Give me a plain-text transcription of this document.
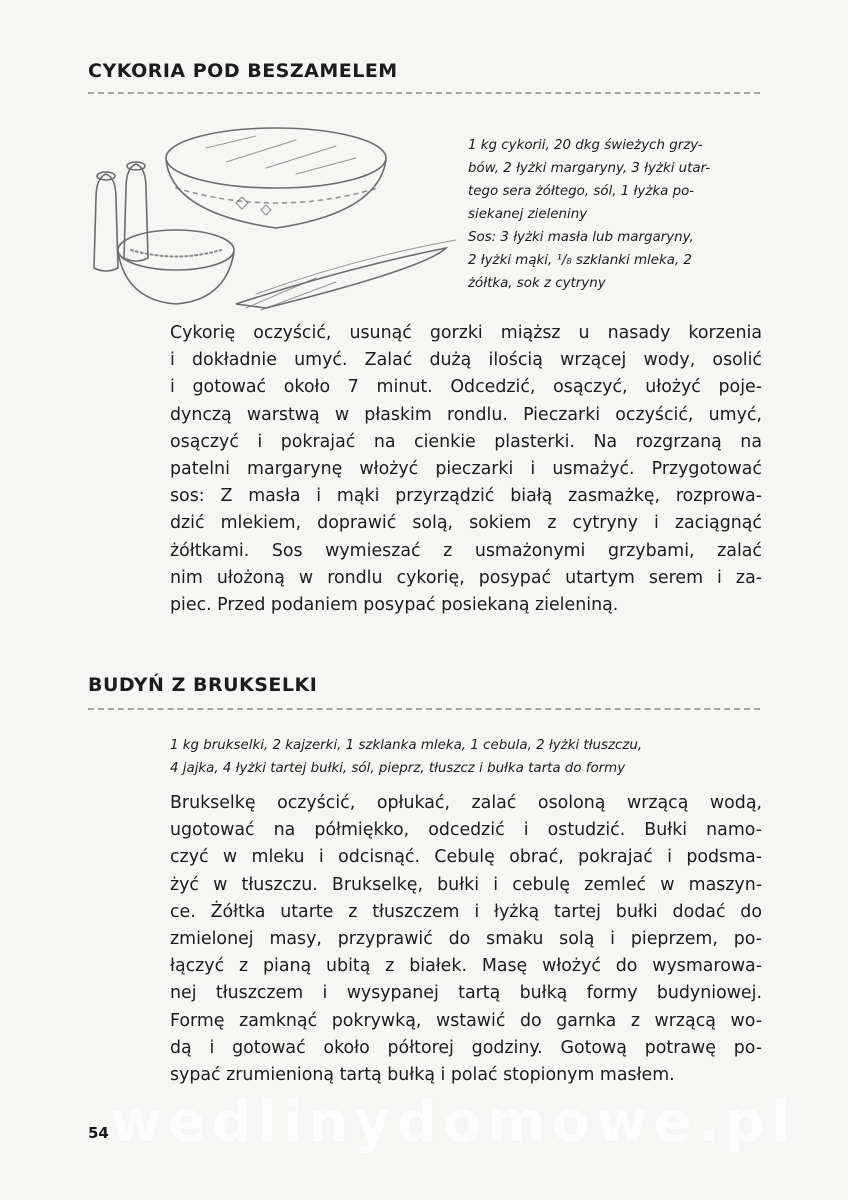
CYKORIA POD BESZAMELEM

1 kg cykorii, 20 dkg świeżych grzy-
bów, 2 łyżki margaryny, 3 łyżki utar-
tego sera żółtego, sól, 1 łyżka po-
siekanej zieleniny
Sos: 3 łyżki masła lub margaryny,
2 łyżki mąki, ¹/₈ szklanki mleka, 2
żółtka, sok z cytryny

Cykorię oczyścić, usunąć gorzki miąższ u nasady korzenia
i dokładnie umyć. Zalać dużą ilością wrzącej wody, osolić
i gotować około 7 minut. Odcedzić, osączyć, ułożyć poje-
dynczą warstwą w płaskim rondlu. Pieczarki oczyścić, umyć,
osączyć i pokrajać na cienkie plasterki. Na rozgrzaną na
patelni margarynę włożyć pieczarki i usmażyć. Przygotować
sos: Z masła i mąki przyrządzić białą zasmażkę, rozprowa-
dzić mlekiem, doprawić solą, sokiem z cytryny i zaciągnąć
żółtkami. Sos wymieszać z usmażonymi grzybami, zalać
nim ułożoną w rondlu cykorię, posypać utartym serem i za-
piec. Przed podaniem posypać posiekaną zieleniną.
BUDYŃ Z BRUKSELKI

1 kg brukselki, 2 kajzerki, 1 szklanka mleka, 1 cebula, 2 łyżki tłuszczu,
4 jajka, 4 łyżki tartej bułki, sól, pieprz, tłuszcz i bułka tarta do formy

Brukselkę oczyścić, opłukać, zalać osoloną wrzącą wodą,
ugotować na półmiękko, odcedzić i ostudzić. Bułki namo-
czyć w mleku i odcisnąć. Cebulę obrać, pokrajać i podsma-
żyć w tłuszczu. Brukselkę, bułki i cebulę zemleć w maszyn-
ce. Żółtka utarte z tłuszczem i łyżką tartej bułki dodać do
zmielonej masy, przyprawić do smaku solą i pieprzem, po-
łączyć z pianą ubitą z białek. Masę włożyć do wysmarowa-
nej tłuszczem i wysypanej tartą bułką formy budyniowej.
Formę zamknąć pokrywką, wstawić do garnka z wrzącą wo-
dą i gotować około półtorej godziny. Gotową potrawę po-
sypać zrumienioną tartą bułką i polać stopionym masłem.

wedlinydomowe.pl

54
